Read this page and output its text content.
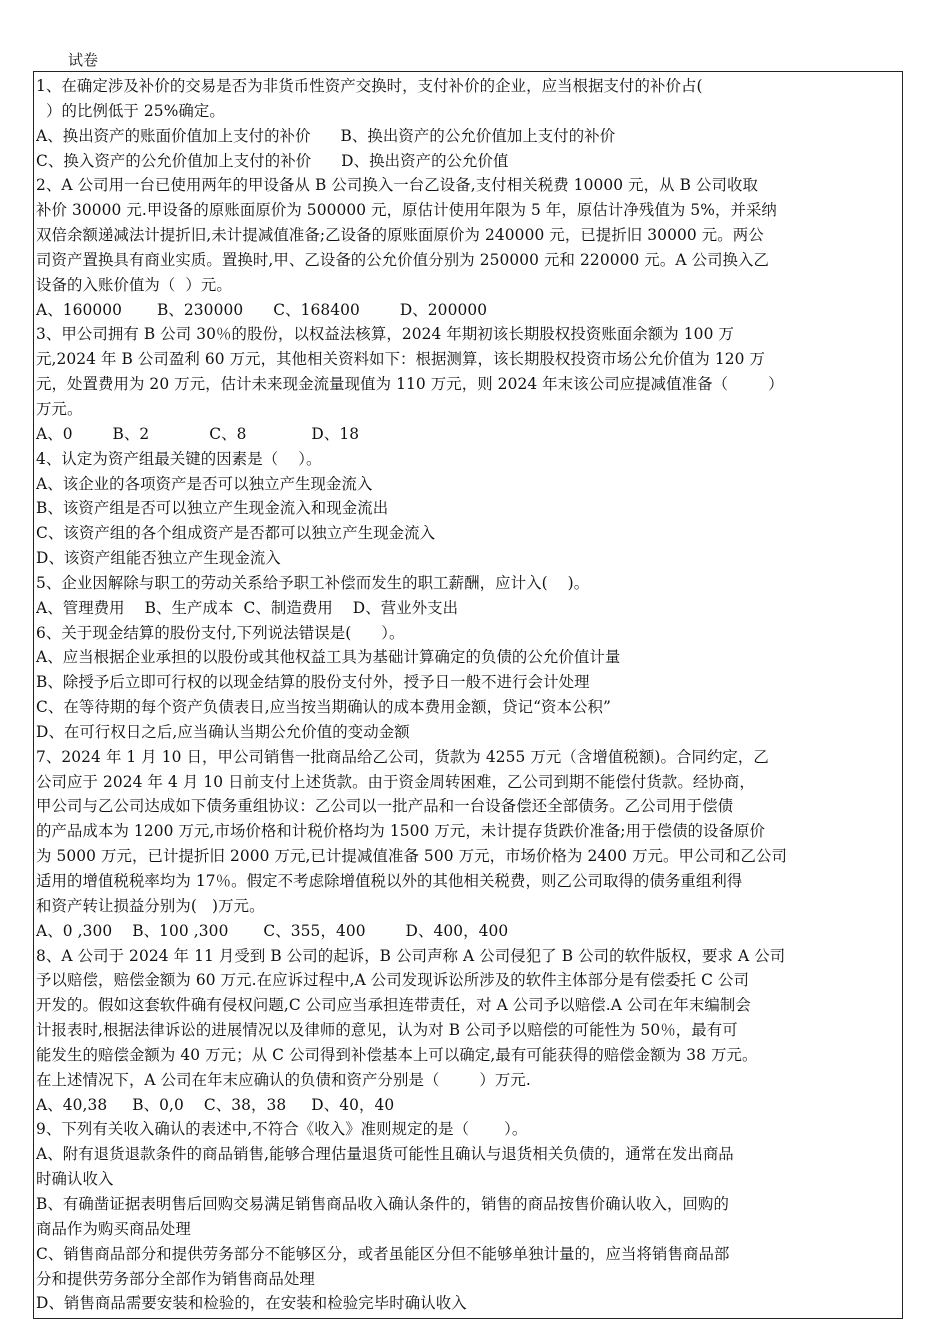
试卷
1、在确定涉及补价的交易是否为非货币性资产交换时，支付补价的企业，应当根据支付的补价占(
）的比例低于 25%确定。
A、换出资产的账面价值加上支付的补价      B、换出资产的公允价值加上支付的补价
C、换入资产的公允价值加上支付的补价      D、换出资产的公允价值
2、A 公司用一台已使用两年的甲设备从 B 公司换入一台乙设备,支付相关税费 10000 元，从 B 公司收取
补价 30000 元.甲设备的原账面原价为 500000 元，原估计使用年限为 5 年，原估计净残值为 5%，并采纳
双倍余额递减法计提折旧,未计提减值准备;乙设备的原账面原价为 240000 元，已提折旧 30000 元。两公
司资产置换具有商业实质。置换时,甲、乙设备的公允价值分别为 250000 元和 220000 元。A 公司换入乙
设备的入账价值为（  ）元。
A、160000       B、230000      C、168400        D、200000
3、甲公司拥有 B 公司 30％的股份，以权益法核算，2024 年期初该长期股权投资账面余额为 100 万
元,2024 年 B 公司盈利 60 万元，其他相关资料如下：根据测算，该长期股权投资市场公允价值为 120 万
元，处置费用为 20 万元，估计未来现金流量现值为 110 万元，则 2024 年末该公司应提减值准备（        ）
万元。
A、0        B、2            C、8             D、18
4、认定为资产组最关键的因素是（    ）。
A、该企业的各项资产是否可以独立产生现金流入
B、该资产组是否可以独立产生现金流入和现金流出
C、该资产组的各个组成资产是否都可以独立产生现金流入
D、该资产组能否独立产生现金流入
5、企业因解除与职工的劳动关系给予职工补偿而发生的职工薪酬，应计入(    )。
A、管理费用    B、生产成本  C、制造费用    D、营业外支出
6、关于现金结算的股份支付,下列说法错误是(      ）。
A、应当根据企业承担的以股份或其他权益工具为基础计算确定的负债的公允价值计量
B、除授予后立即可行权的以现金结算的股份支付外，授予日一般不进行会计处理
C、在等待期的每个资产负债表日,应当按当期确认的成本费用金额，贷记“资本公积”
D、在可行权日之后,应当确认当期公允价值的变动金额
7、2024 年 1 月 10 日，甲公司销售一批商品给乙公司，货款为 4255 万元（含增值税额)。合同约定，乙
公司应于 2024 年 4 月 10 日前支付上述货款。由于资金周转困难，乙公司到期不能偿付货款。经协商，
甲公司与乙公司达成如下债务重组协议：乙公司以一批产品和一台设备偿还全部债务。乙公司用于偿债
的产品成本为 1200 万元,市场价格和计税价格均为 1500 万元，未计提存货跌价准备;用于偿债的设备原价
为 5000 万元，已计提折旧 2000 万元,已计提减值准备 500 万元，市场价格为 2400 万元。甲公司和乙公司
适用的增值税税率均为 17％。假定不考虑除增值税以外的其他相关税费，则乙公司取得的债务重组利得
和资产转让损益分别为(   )万元。
A、0 ,300    B、100 ,300       C、355，400        D、400，400
8、A 公司于 2024 年 11 月受到 B 公司的起诉，B 公司声称 A 公司侵犯了 B 公司的软件版权，要求 A 公司
予以赔偿，赔偿金额为 60 万元.在应诉过程中,A 公司发现诉讼所涉及的软件主体部分是有偿委托 C 公司
开发的。假如这套软件确有侵权问题,C 公司应当承担连带责任，对 A 公司予以赔偿.A 公司在年末编制会
计报表时,根据法律诉讼的进展情况以及律师的意见，认为对 B 公司予以赔偿的可能性为 50％，最有可
能发生的赔偿金额为 40 万元；从 C 公司得到补偿基本上可以确定,最有可能获得的赔偿金额为 38 万元。
在上述情况下，A 公司在年末应确认的负债和资产分别是（        ）万元.
A、40,38     B、0,0    C、38，38     D、40，40
9、下列有关收入确认的表述中,不符合《收入》准则规定的是（       ）。
A、附有退货退款条件的商品销售,能够合理估量退货可能性且确认与退货相关负债的，通常在发出商品
时确认收入
B、有确凿证据表明售后回购交易满足销售商品收入确认条件的，销售的商品按售价确认收入，回购的
商品作为购买商品处理
C、销售商品部分和提供劳务部分不能够区分，或者虽能区分但不能够单独计量的，应当将销售商品部
分和提供劳务部分全部作为销售商品处理
D、销售商品需要安装和检验的，在安装和检验完毕时确认收入
